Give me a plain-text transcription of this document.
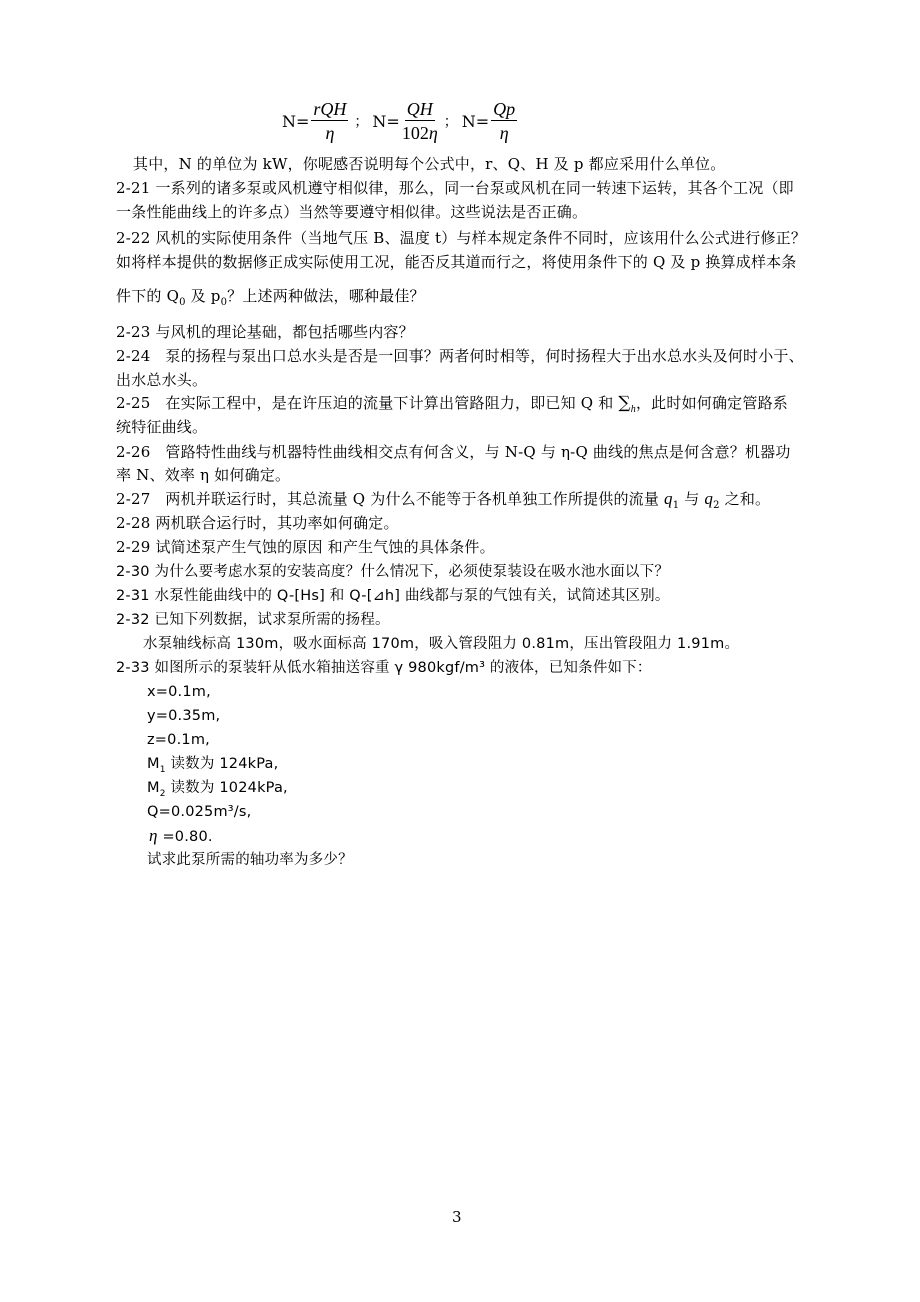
$N= \frac{\text{rQH}}{\eta}$ ； $N= \frac{QH}{102\eta}$ ； $N= \frac{Qp}{\eta}$
其中，N 的单位为 kW，你呢感否说明每个公式中，r、Q、H 及 p 都应采用什么单位。
2-21 一系列的诸多泵或风机遵守相似律，那么，同一台泵或风机在同一转速下运转，其各个工况（即
一条性能曲线上的许多点）当然等要遵守相似律。这些说法是否正确。
2-22 风机的实际使用条件（当地气压 B、温度 t）与样本规定条件不同时，应该用什么公式进行修正？
如将样本提供的数据修正成实际使用工况，能否反其道而行之，将使用条件下的 Q 及 p 换算成样本条
件下的 $Q_0$ 及 $p_0$？上述两种做法，哪种最佳？
2-23 与风机的理论基础，都包括哪些内容？
2-24   泵的扬程与泵出口总水头是否是一回事？两者何时相等，何时扬程大于出水总水头及何时小于、
出水总水头。
2-25   在实际工程中，是在许压迫的流量下计算出管路阻力，即已知 Q 和 $\sum_h$，此时如何确定管路系
统特征曲线。
2-26   管路特性曲线与机器特性曲线相交点有何含义，与 N-Q 与 η-Q 曲线的焦点是何含意？机器功
率 N、效率 η 如何确定。
2-27   两机并联运行时，其总流量 Q 为什么不能等于各机单独工作所提供的流量 $q_1$ 与 $q_2$ 之和。
2-28 两机联合运行时，其功率如何确定。
2-29 试简述泵产生气蚀的原因 和产生气蚀的具体条件。
2-30 为什么要考虑水泵的安装高度？什么情况下，必须使泵装设在吸水池水面以下？
2-31 水泵性能曲线中的 Q-[Hs] 和 Q-[⊿h] 曲线都与泵的气蚀有关，试简述其区别。
2-32 已知下列数据，试求泵所需的扬程。
水泵轴线标高 130m，吸水面标高 170m，吸入管段阻力 0.81m，压出管段阻力 1.91m。
2-33 如图所示的泵装轩从低水箱抽送容重 γ 980kgf/m³ 的液体，已知条件如下：
x=0.1m,
y=0.35m,
z=0.1m,
$M_1$ 读数为 124kPa,
$M_2$ 读数为 1024kPa,
Q=0.025m³/s,
η =0.80.
试求此泵所需的轴功率为多少？
3
